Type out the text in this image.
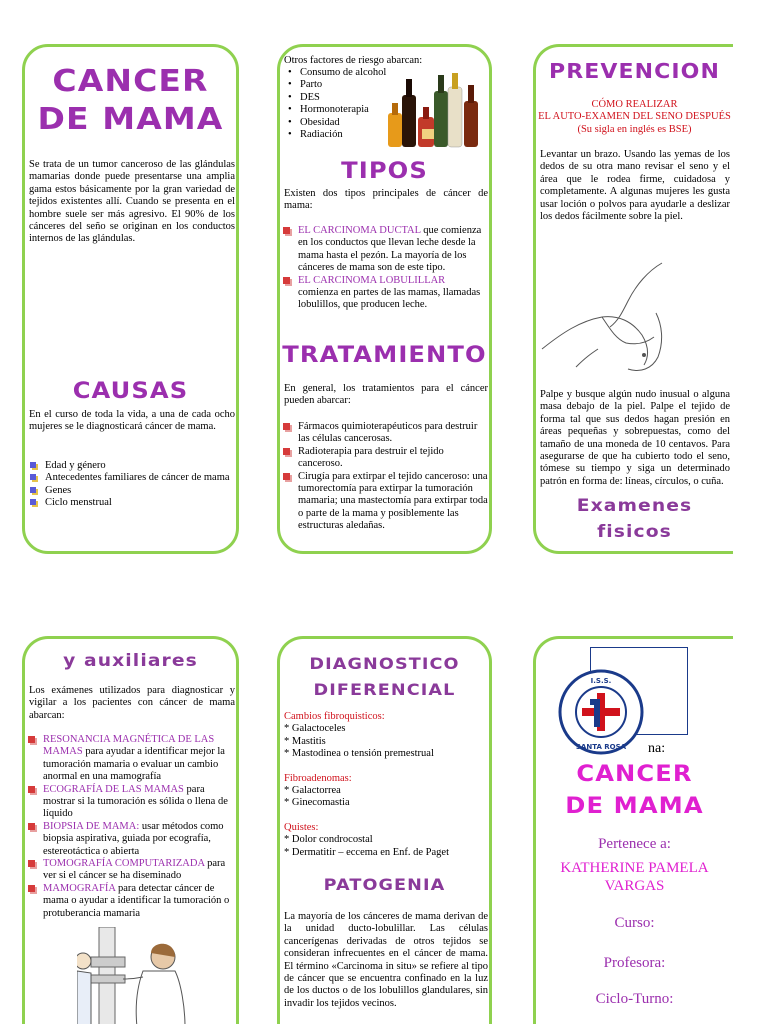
CANCER
DE MAMA

Se trata de un tumor canceroso de las glándulas mamarias donde puede presentarse una amplia gama estos básicamente por la gran variedad de tejidos existentes allí. Cuando se presenta en el hombre suele ser más agresivo. El 90% de los cánceres del seño se originan en los conductos internos de las glándulas.

CAUSAS

En el curso de toda la vida, a una de cada ocho mujeres se le diagnosticará cáncer de mama.

Edad y género
Antecedentes familiares de cáncer de mama
Genes
Ciclo menstrual

Otros factores de riesgo abarcan:

• Consumo de alcohol
• Parto
• DES
• Hormonoterapia
• Obesidad
• Radiación
TIPOS

Existen dos tipos principales de cáncer de mama:

EL CARCINOMA DUCTAL que comienza en los conductos que llevan leche desde la mama hasta el pezón. La mayoría de los cánceres de mama son de este tipo.
EL CARCINOMA LOBULILLAR comienza en partes de las mamas, llamadas lobulillos, que producen leche.
TRATAMIENTO

En general, los tratamientos para el cáncer pueden abarcar:

Fármacos quimioterapéuticos para destruir las células cancerosas.
Radioterapia para destruir el tejido canceroso.
Cirugía para extirpar el tejido canceroso: una tumorectomía para extirpar la tumoración mamaria; una mastectomía para extirpar toda o parte de la mama y posiblemente las estructuras aledañas.
PREVENCION
CÓMO REALIZAR
EL AUTO-EXAMEN DEL SENO DESPUÉS
(Su sigla en inglés es BSE)

Levantar un brazo. Usando las yemas de los dedos de su otra mano revisar el seno y el área que le rodea firme, cuidadosa y completamente. A algunas mujeres les gusta usar loción o polvos para ayudarle a deslizar los dedos fácilmente sobre la piel.

Palpe y busque algún nudo inusual o alguna masa debajo de la piel. Palpe el tejido de forma tal que sus dedos hagan presión en áreas pequeñas y sobrepuestas, como del tamaño de una moneda de 10 centavos. Para asegurarse de que ha cubierto todo el seno, tómese su tiempo y siga un determinado patrón en forma de: líneas, círculos, o cuña.

Examenes
fisicos
y auxiliares

Los exámenes utilizados para diagnosticar y vigilar a los pacientes con cáncer de mama abarcan:

RESONANCIA MAGNÉTICA DE LAS MAMAS para ayudar a identificar mejor la tumoración mamaria o evaluar un cambio anormal en una mamografía
ECOGRAFÍA DE LAS MAMAS para mostrar si la tumoración es sólida o llena de líquido
BIOPSIA DE MAMA: usar métodos como biopsia aspirativa, guiada por ecografía, estereotáctica o abierta
TOMOGRAFÍA COMPUTARIZADA para ver si el cáncer se ha diseminado
MAMOGRAFÍA para detectar cáncer de mama o ayudar a identificar la tumoración o protuberancia mamaria
DIAGNOSTICO
DIFERENCIAL
Cambios fibroquisticos:
* Galactoceles
* Mastitis
* Mastodinea o tensión premestrual
Fibroadenomas:
* Galactorrea
* Ginecomastia
Quistes:
* Dolor condrocostal
* Dermatitir – eccema en Enf. de Paget
PATOGENIA

La mayoría de los cánceres de mama derivan de la unidad ducto-lobulillar. Las células cancerígenas derivadas de otros tejidos se consideran infrecuentes en el cáncer de mama. El término «Carcinoma in situ» se refiere al tipo de cáncer que se encuentra confinado en la luz de los ductos o de los lobulillos glandulares, sin invadir los tejidos vecinos.

I.S.S.
SANTA ROSA na:
CANCER
DE MAMA
Pertenece a:
KATHERINE PAMELA
VARGAS
Curso:
Profesora:
Ciclo-Turno:
